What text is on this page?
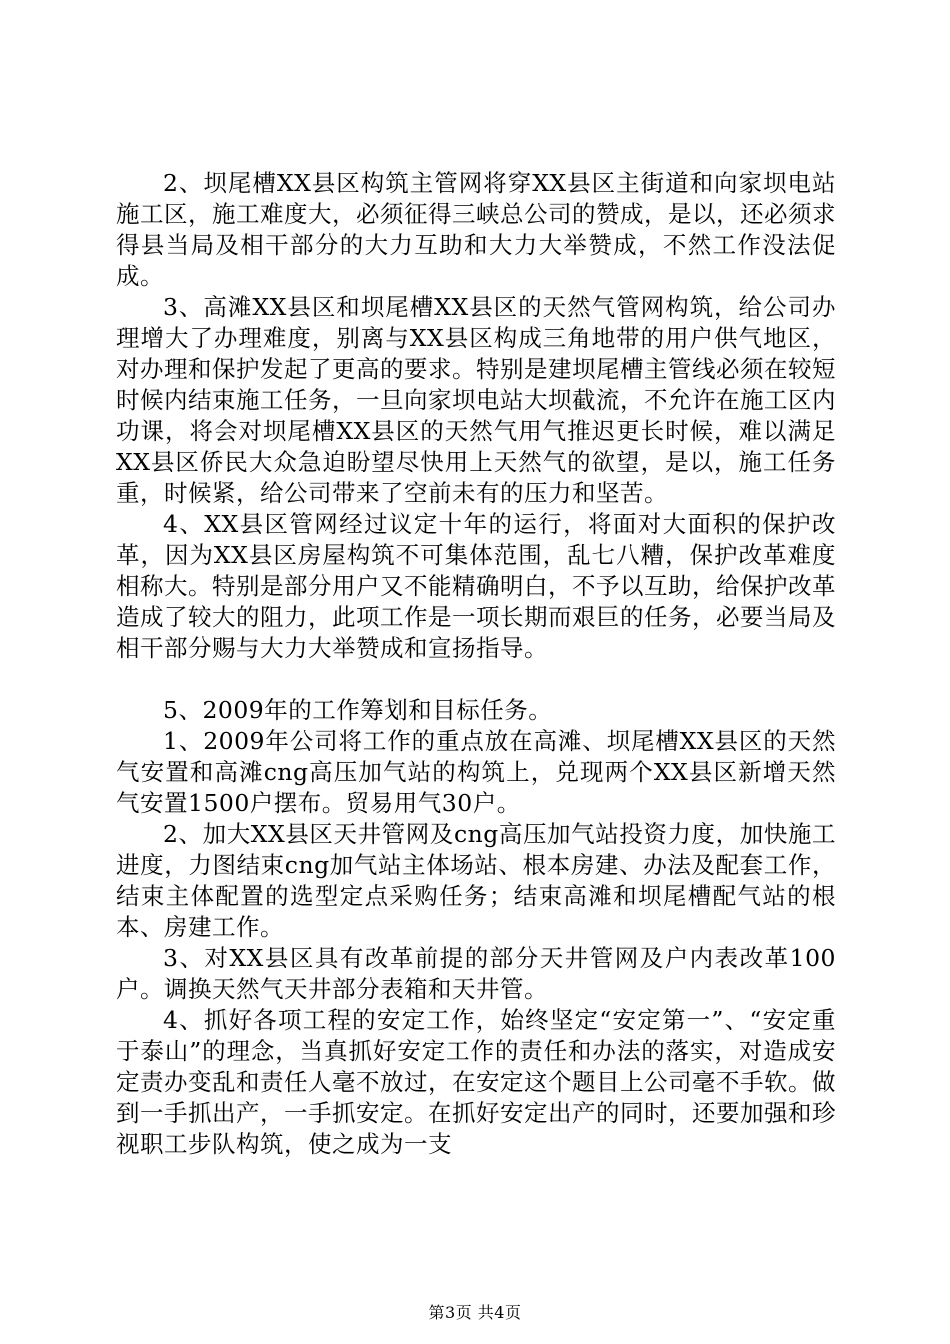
2、坝尾槽XX县区构筑主管网将穿XX县区主街道和向家坝电站施工区，施工难度大，必须征得三峡总公司的赞成，是以，还必须求得县当局及相干部分的大力互助和大力大举赞成，不然工作没法促成。

3、高滩XX县区和坝尾槽XX县区的天然气管网构筑，给公司办理增大了办理难度，别离与XX县区构成三角地带的用户供气地区，对办理和保护发起了更高的要求。特别是建坝尾槽主管线必须在较短时候内结束施工任务，一旦向家坝电站大坝截流，不允许在施工区内功课，将会对坝尾槽XX县区的天然气用气推迟更长时候，难以满足XX县区侨民大众急迫盼望尽快用上天然气的欲望，是以，施工任务重，时候紧，给公司带来了空前未有的压力和坚苦。

4、XX县区管网经过议定十年的运行，将面对大面积的保护改革，因为XX县区房屋构筑不可集体范围，乱七八糟，保护改革难度相称大。特别是部分用户又不能精确明白，不予以互助，给保护改革造成了较大的阻力，此项工作是一项长期而艰巨的任务，必要当局及相干部分赐与大力大举赞成和宣扬指导。

5、2009年的工作筹划和目标任务。

1、2009年公司将工作的重点放在高滩、坝尾槽XX县区的天然气安置和高滩cng高压加气站的构筑上，兑现两个XX县区新增天然气安置1500户摆布。贸易用气30户。

2、加大XX县区天井管网及cng高压加气站投资力度，加快施工进度，力图结束cng加气站主体场站、根本房建、办法及配套工作，结束主体配置的选型定点采购任务；结束高滩和坝尾槽配气站的根本、房建工作。

3、对XX县区具有改革前提的部分天井管网及户内表改革100户。调换天然气天井部分表箱和天井管。

4、抓好各项工程的安定工作，始终坚定“安定第一”、“安定重于泰山”的理念，当真抓好安定工作的责任和办法的落实，对造成安定责办变乱和责任人毫不放过，在安定这个题目上公司毫不手软。做到一手抓出产，一手抓安定。在抓好安定出产的同时，还要加强和珍视职工步队构筑，使之成为一支

第3页 共4页
